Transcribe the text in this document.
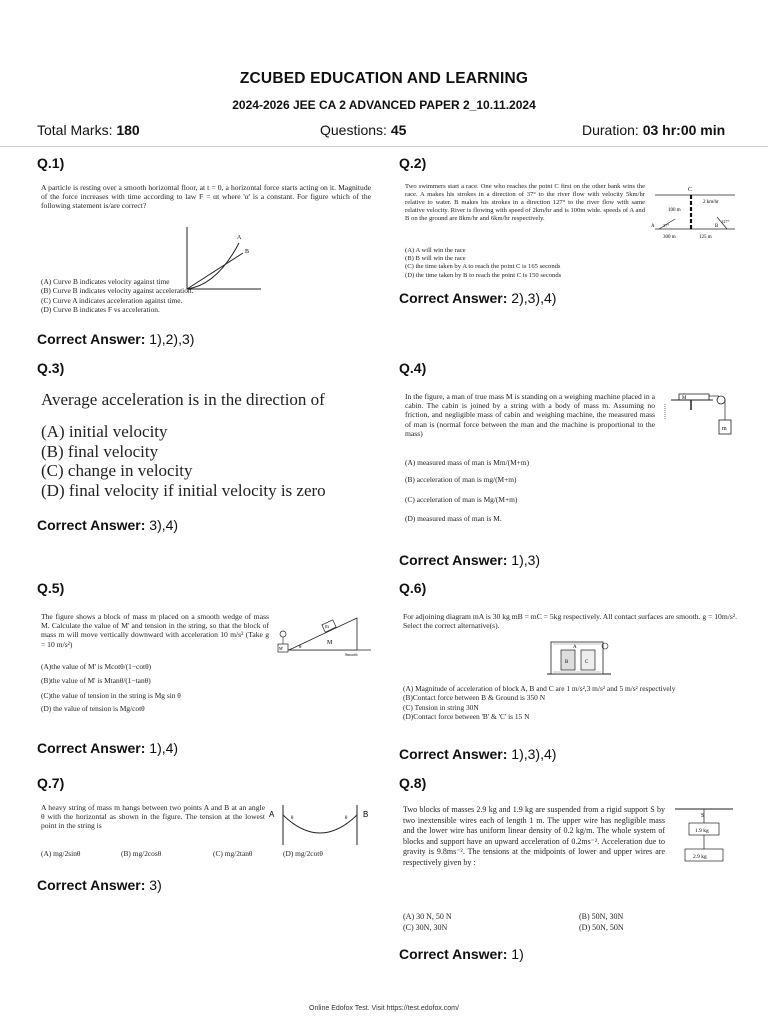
ZCUBED EDUCATION AND LEARNING
2024-2026 JEE CA 2 ADVANCED PAPER 2_10.11.2024
Total Marks: 180	Questions: 45	Duration: 03 hr:00 min
Q.1)

A particle is resting over a smooth horizontal floor, at t = 0, a horizontal force starts acting on it. Magnitude of the force increases with time according to law F = αt where 'α' is a constant. For figure which of the following statement is/are correct?

A
B
(A) Curve B indicates velocity against time
(B) Curve B indicates velocity against acceleration.
(C) Curve A indicates acceleration against time.
(D) Curve B indicates F vs acceleration.
Correct Answer: 1),2),3)
Q.2)

Two swimmers start a race. One who reaches the point C first on the other bank wins the race. A makes his strokes in a direction of 37° to the river flow with velocity 5km/hr relative to water. B makes his strokes in a direction 127° to the river flow with same relative velocity. River is flowing with speed of 2km/hr and is 100m wide. speeds of A and B on the ground are 8km/hr and 6km/hr respectively.

(A) A will win the race
(B) B will win the race
(C) the time taken by A to reach the point C is 165 seconds
(D) the time taken by B to reach the point C is 150 seconds
C
2 km/hr
100 m
A 37°	B
127°
300 m	125 m
Correct Answer: 2),3),4)
Q.3)

Average acceleration is in the direction of

(A) initial velocity

(B) final velocity

(C) change in velocity

(D) final velocity if initial velocity is zero

Correct Answer: 3),4)
Q.4)

In the figure, a man of true mass M is standing on a weighing machine placed in a cabin. The cabin is joined by a string with a body of mass m. Assuming no friction, and negligible mass of cabin and weighing machine, the measured mass of man is (normal force between the man and the machine is proportional to the mass)

M
m
(A) measured mass of man is Mm/(M+m)
(B) acceleration of man is mg/(M+m)
(C) acceleration of man is Mg/(M+m)
(D) measured mass of man is M.
Correct Answer: 1),3)
Q.5)

The figure shows a block of mass m placed on a smooth wedge of mass M. Calculate the value of M' and tension in the string, so that the block of mass m will move vertically downward with acceleration 10 m/s² (Take g = 10 m/s²)

m
M
M'	θ
Smooth
(A)the value of M' is Mcotθ/(1−cotθ)
(B)the value of M' is Mtanθ/(1−tanθ)
(C)the value of tension in the string is Mg sin θ
(D) the value of tension is Mg/cotθ
Correct Answer: 1),4)
Q.6)

For adjoining diagram mA is 30 kg mB = mC = 5kg respectively. All contact surfaces are smooth. g = 10m/s². Select the correct alternative(s).

A
B	C
(A) Magnitude of acceleration of block A, B and C are 1 m/s²,3 m/s² and 5 m/s² respectively
(B)Contact force between B & Ground is 350 N
(C) Tension in string 30N
(D)Contact force between 'B' & 'C' is 15 N
Correct Answer: 1),3),4)
Q.7)

A heavy string of mass m hangs between two points A and B at an angle θ with the horizontal as shown in the figure. The tension at the lowest point in the string is

A	B
θ	θ
(A) mg/2sinθ	(B) mg/2cosθ	(C) mg/2tanθ	(D) mg/2cotθ
Correct Answer: 3)
Q.8)

Two blocks of masses 2.9 kg and 1.9 kg are suspended from a rigid support S by two inextensible wires each of length 1 m. The upper wire has negligible mass and the lower wire has uniform linear density of 0.2 kg/m. The whole system of blocks and support have an upward acceleration of 0.2ms⁻². Acceleration due to gravity is 9.8ms⁻². The tensions at the midpoints of lower and upper wires are respectively given by :

S
1.9 kg
2.9 kg
(A) 30 N, 50 N	(B) 50N, 30N
(C) 30N, 30N	(D) 50N, 50N
Correct Answer: 1)
Online Edofox Test. Visit https://test.edofox.com/
